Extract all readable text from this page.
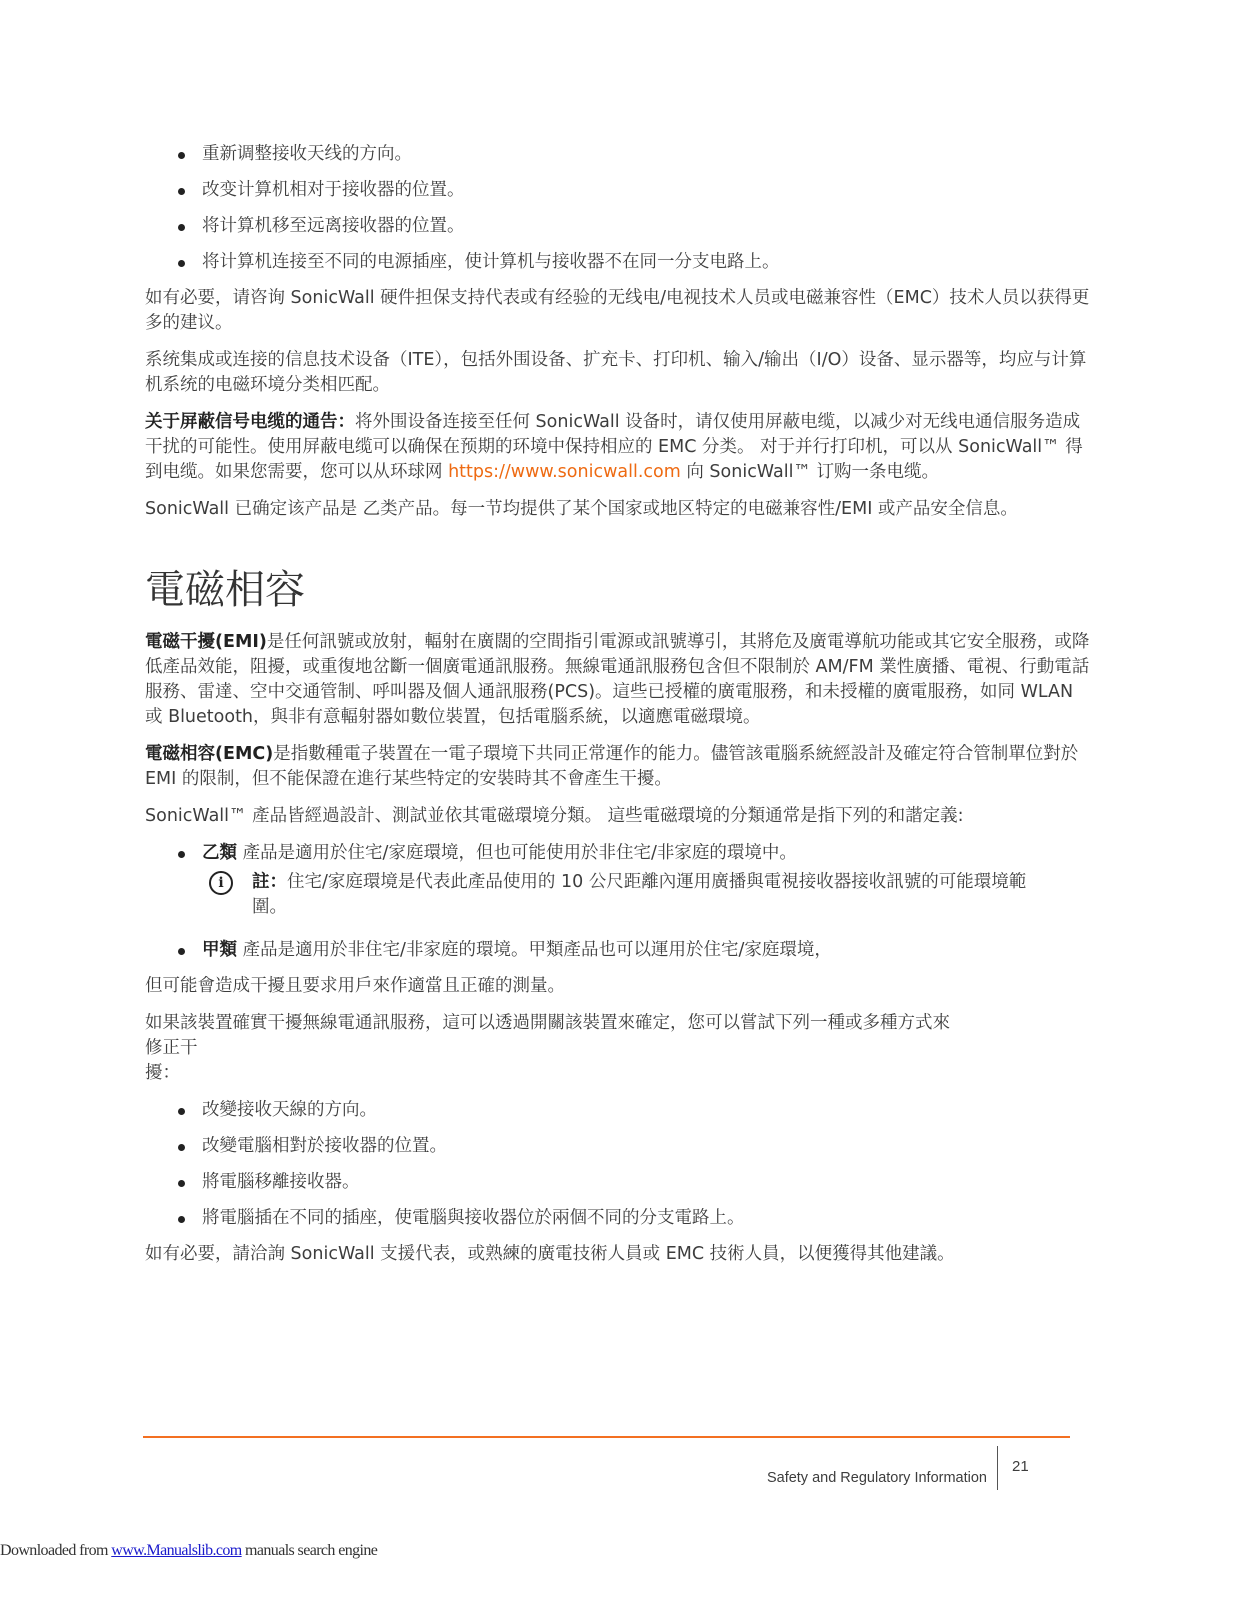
重新调整接收天线的方向。
改变计算机相对于接收器的位置。
将计算机移至远离接收器的位置。
将计算机连接至不同的电源插座，使计算机与接收器不在同一分支电路上。

如有必要，请咨询 SonicWall 硬件担保支持代表或有经验的无线电/电视技术人员或电磁兼容性（EMC）技术人员以获得更多的建议。

系统集成或连接的信息技术设备（ITE），包括外围设备、扩充卡、打印机、输入/输出（I/O）设备、显示器等，均应与计算机系统的电磁环境分类相匹配。

关于屏蔽信号电缆的通告：将外围设备连接至任何 SonicWall 设备时，请仅使用屏蔽电缆，以减少对无线电通信服务造成干扰的可能性。使用屏蔽电缆可以确保在预期的环境中保持相应的 EMC 分类。 对于并行打印机，可以从 SonicWall™ 得到电缆。如果您需要，您可以从环球网 https://www.sonicwall.com 向 SonicWall™ 订购一条电缆。

SonicWall 已确定该产品是 乙类产品。每一节均提供了某个国家或地区特定的电磁兼容性/EMI 或产品安全信息。

電磁相容

電磁干擾(EMI)是任何訊號或放射，輻射在廣闊的空間指引電源或訊號導引，其將危及廣電導航功能或其它安全服務，或降低產品效能，阻擾，或重復地岔斷一個廣電通訊服務。無線電通訊服務包含但不限制於 AM/FM 業性廣播、電視、行動電話服務、雷達、空中交通管制、呼叫器及個人通訊服務(PCS)。這些已授權的廣電服務，和未授權的廣電服務，如同 WLAN 或 Bluetooth，與非有意輻射器如數位裝置，包括電腦系統，以適應電磁環境。

電磁相容(EMC)是指數種電子裝置在一電子環境下共同正常運作的能力。儘管該電腦系統經設計及確定符合管制單位對於 EMI 的限制，但不能保證在進行某些特定的安裝時其不會產生干擾。

SonicWall™ 產品皆經過設計、測試並依其電磁環境分類。 這些電磁環境的分類通常是指下列的和諧定義:

乙類 產品是適用於住宅/家庭環境，但也可能使用於非住宅/非家庭的環境中。
i	註：住宅/家庭環境是代表此產品使用的 10 公尺距離內運用廣播與電視接收器接收訊號的可能環境範圍。
甲類 產品是適用於非住宅/非家庭的環境。甲類產品也可以運用於住宅/家庭環境，

但可能會造成干擾且要求用戶來作適當且正確的測量。

如果該裝置確實干擾無線電通訊服務，這可以透過開關該裝置來確定，您可以嘗試下列一種或多種方式來
修正干
擾：

改變接收天線的方向。
改變電腦相對於接收器的位置。
將電腦移離接收器。
將電腦插在不同的插座，使電腦與接收器位於兩個不同的分支電路上。

如有必要，請洽詢 SonicWall 支援代表，或熟練的廣電技術人員或 EMC 技術人員，以便獲得其他建議。

Safety and Regulatory Information
21
Downloaded from www.Manualslib.com manuals search engine
